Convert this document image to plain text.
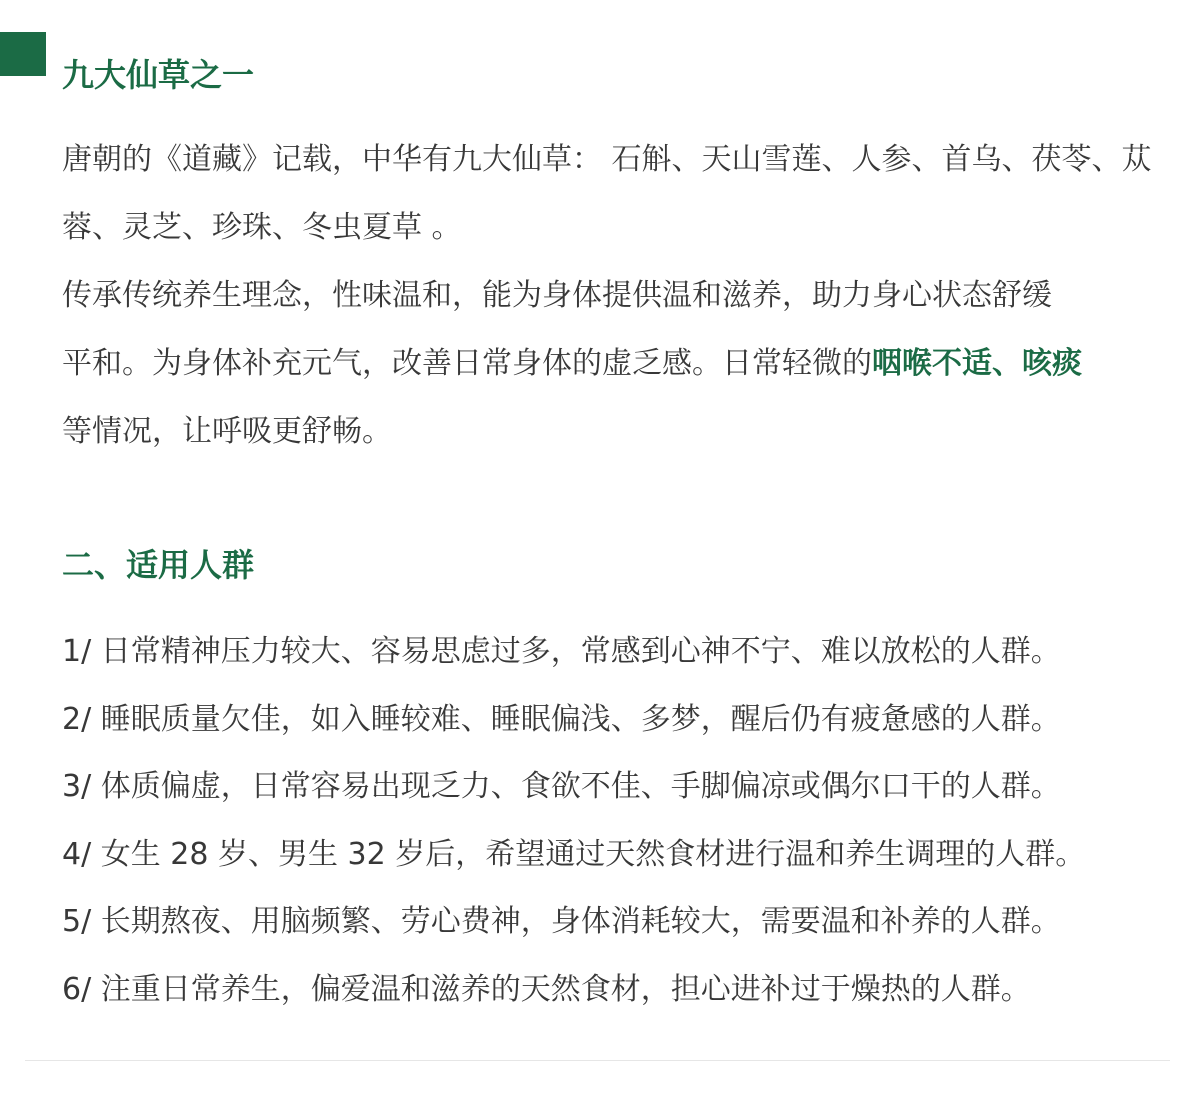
九大仙草之一
唐朝的《道藏》记载，中华有九大仙草： 石斛、天山雪莲、人参、首乌、茯苓、苁
蓉、灵芝、珍珠、冬虫夏草 。
传承传统养生理念，性味温和，能为身体提供温和滋养，助力身心状态舒缓
平和。为身体补充元气，改善日常身体的虚乏感。日常轻微的咽喉不适、咳痰
等情况，让呼吸更舒畅。
二、适用人群
1/ 日常精神压力较大、容易思虑过多，常感到心神不宁、难以放松的人群。
2/ 睡眠质量欠佳，如入睡较难、睡眠偏浅、多梦，醒后仍有疲惫感的人群。
3/ 体质偏虚，日常容易出现乏力、食欲不佳、手脚偏凉或偶尔口干的人群。
4/ 女生 28 岁、男生 32 岁后，希望通过天然食材进行温和养生调理的人群。
5/ 长期熬夜、用脑频繁、劳心费神，身体消耗较大，需要温和补养的人群。
6/ 注重日常养生，偏爱温和滋养的天然食材，担心进补过于燥热的人群。
